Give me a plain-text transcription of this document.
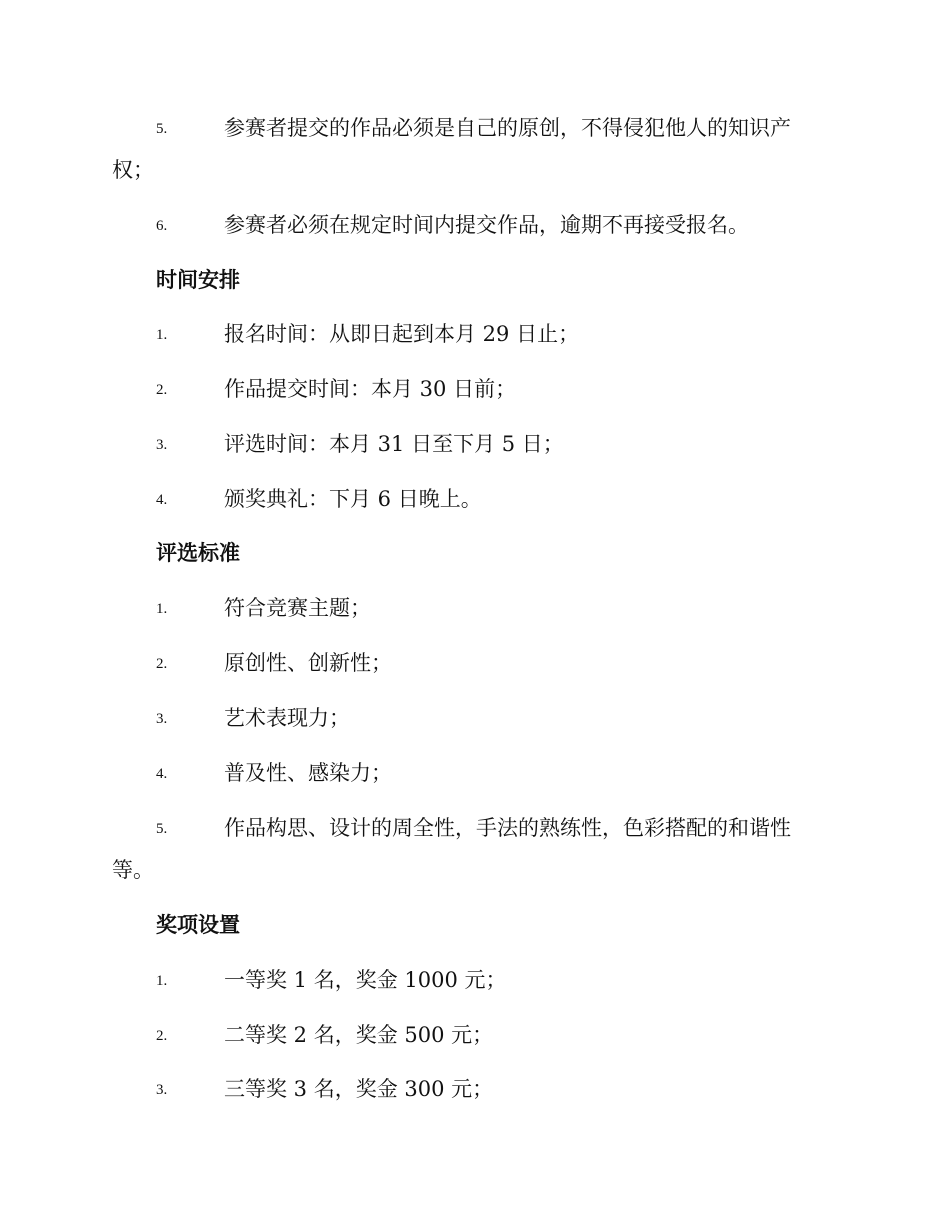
5.	参赛者提交的作品必须是自己的原创，不得侵犯他人的知识产
权；
6.	参赛者必须在规定时间内提交作品，逾期不再接受报名。
时间安排
1.	报名时间：从即日起到本月 29 日止；
2.	作品提交时间：本月 30 日前；
3.	评选时间：本月 31 日至下月 5 日；
4.	颁奖典礼：下月 6 日晚上。
评选标准
1.	符合竞赛主题；
2.	原创性、创新性；
3.	艺术表现力；
4.	普及性、感染力；
5.	作品构思、设计的周全性，手法的熟练性，色彩搭配的和谐性
等。
奖项设置
1.	一等奖 1 名，奖金 1000 元；
2.	二等奖 2 名，奖金 500 元；
3.	三等奖 3 名，奖金 300 元；
